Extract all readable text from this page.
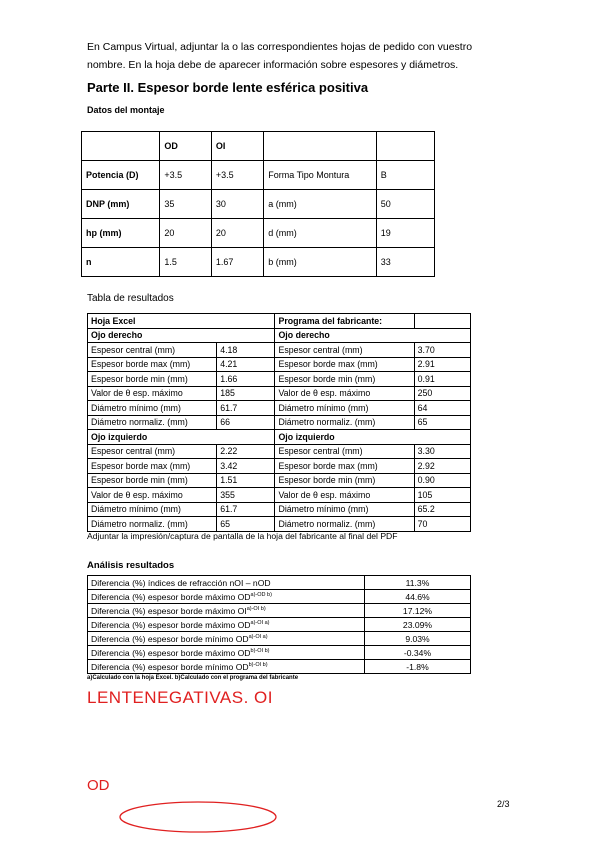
En Campus Virtual, adjuntar la o las correspondientes hojas de pedido con vuestro
nombre. En la hoja debe de aparecer información sobre espesores y diámetros.
Parte II. Espesor borde lente esférica positiva
Datos del montaje
	OD	OI		
Potencia (D)	+3.5	+3.5	Forma Tipo Montura	B
DNP (mm)	35	30	a (mm)	50
hp (mm)	20	20	d (mm)	19
n	1.5	1.67	b (mm)	33
Tabla de resultados
Hoja Excel		Programa del fabricante:	
Ojo derecho		Ojo derecho	
Espesor central (mm)	4.18	Espesor central (mm)	3.70
Espesor borde max (mm)	4.21	Espesor borde max (mm)	2.91
Espesor borde min (mm)	1.66	Espesor borde min (mm)	0.91
Valor de θ esp. máximo	185	Valor de θ esp. máximo	250
Diámetro mínimo (mm)	61.7	Diámetro mínimo (mm)	64
Diámetro normaliz. (mm)	66	Diámetro normaliz. (mm)	65
Ojo izquierdo		Ojo izquierdo	
Espesor central (mm)	2.22	Espesor central (mm)	3.30
Espesor borde max (mm)	3.42	Espesor borde max (mm)	2.92
Espesor borde min (mm)	1.51	Espesor borde min (mm)	0.90
Valor de θ esp. máximo	355	Valor de θ esp. máximo	105
Diámetro mínimo (mm)	61.7	Diámetro mínimo (mm)	65.2
Diámetro normaliz. (mm)	65	Diámetro normaliz. (mm)	70
Adjuntar la impresión/captura de pantalla de la hoja del fabricante al final del PDF
Análisis resultados
Diferencia (%) índices de refracción nOI – nOD	11.3%
Diferencia (%) espesor borde máximo $OD^{a)-OD b)}$	44.6%
Diferencia (%) espesor borde máximo $OI^{a)-OI b)}$	17.12%
Diferencia (%) espesor borde máximo $OD^{a)-OI a)}$	23.09%
Diferencia (%) espesor borde mínimo $OD^{a)-OI a)}$	9.03%
Diferencia (%) espesor borde máximo $OD^{b)-OI b)}$	-0.34%
Diferencia (%) espesor borde mínimo $OD^{b)-OI b)}$	-1.8%
a)Calculado con la hoja Excel. b)Calculado con el programa del fabricante
LENTENEGATIVAS. OI
OD
2/3
